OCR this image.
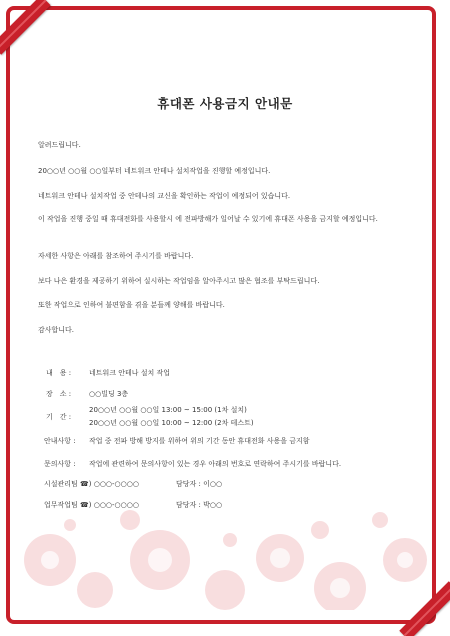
휴대폰 사용금지 안내문
알려드립니다.
20○○년 ○○월 ○○일부터 네트워크 안테나 설치작업을 진행할 예정입니다.
네트워크 안테나 설치작업 중 안테나의 교신을 확인하는 작업이 예정되어 있습니다.
이 작업을 진행 중일 때 휴대전화를 사용할시 에 전파방해가 일어날 수 있기에 휴대폰 사용을 금지할 예정입니다.
자세한 사항은 아래를 참조하여 주시기를 바랍니다.
보다 나은 환경을 제공하기 위하여 실시하는 작업임을 알아주시고 많은 협조를 부탁드립니다.
또한 작업으로 인하여 불편함을 겪을 분들께 양해를 바랍니다.
감사합니다.
내　용 :	네트워크 안테나 설치 작업
장　소 :	○○빌딩 3층
기　간 :
20○○년 ○○월 ○○일 13:00 ~ 15:00 (1차 설치)
20○○년 ○○월 ○○일 10:00 ~ 12:00 (2차 테스트)
안내사항 : 작업 중 전파 방해 방지를 위하여 위의 기간 동안 휴대전화 사용을 금지함
문의사항 : 작업에 관련하여 문의사항이 있는 경우 아래의 번호로 연락하여 주시기를 바랍니다.
시설관리팀 ☎) ○○○-○○○○	담당자 : 이○○
업무작업팀 ☎) ○○○-○○○○	담당자 : 박○○
